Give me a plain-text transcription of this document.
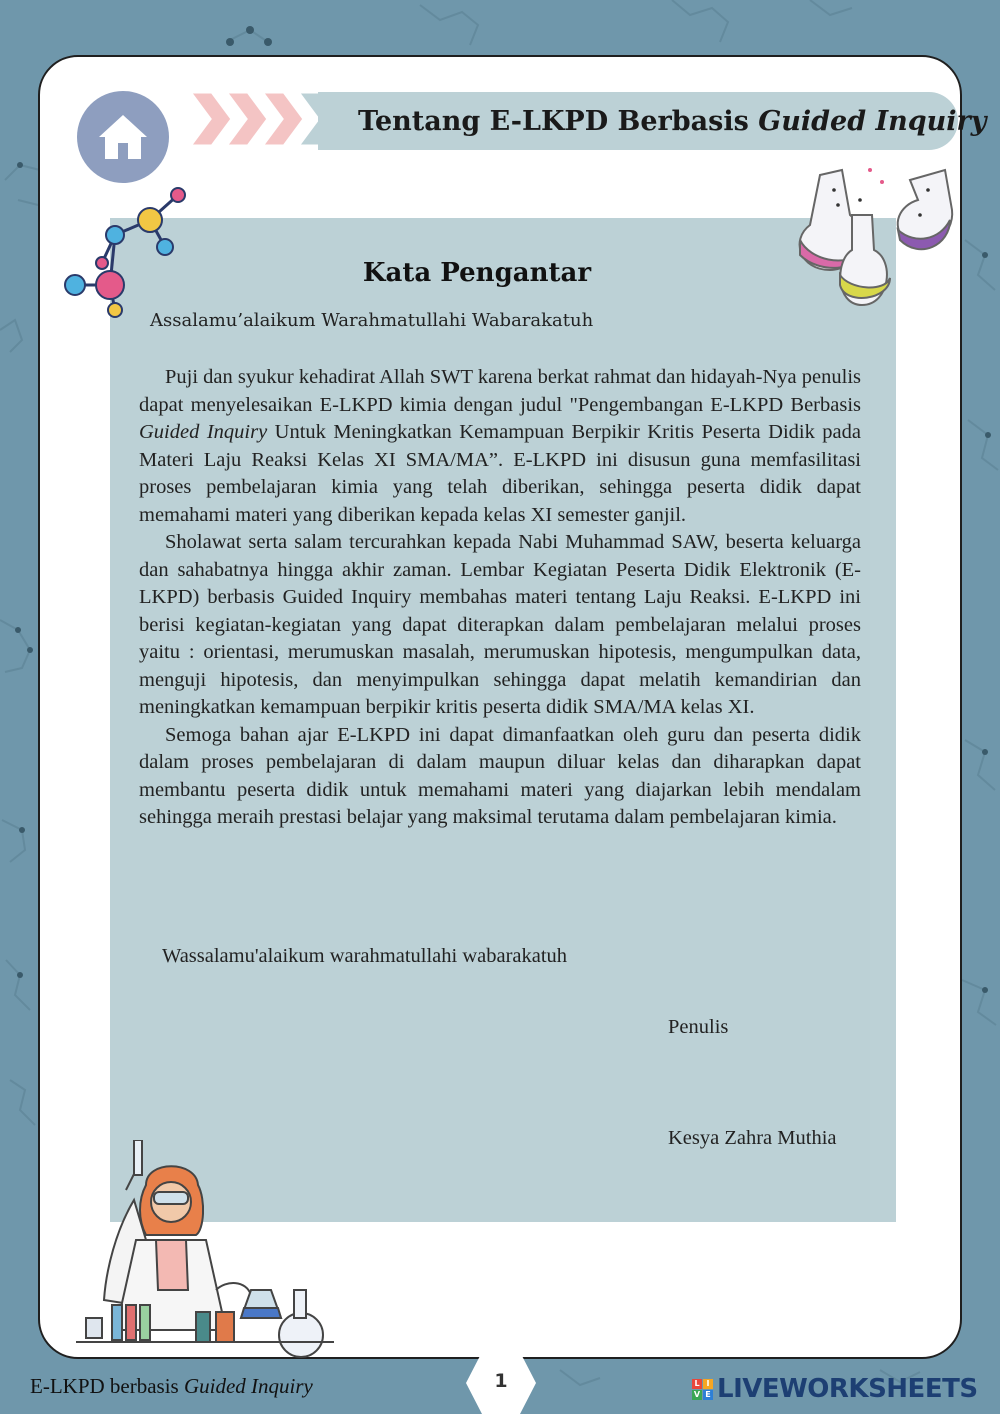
Tentang E-LKPD Berbasis Guided Inquiry
Kata Pengantar
Assalamu’alaikum Warahmatullahi Wabarakatuh

Puji dan syukur kehadirat Allah SWT karena berkat rahmat dan hidayah-Nya penulis dapat menyelesaikan E-LKPD kimia dengan judul "Pengembangan E-LKPD Berbasis Guided Inquiry Untuk Meningkatkan Kemampuan Berpikir Kritis Peserta Didik pada Materi Laju Reaksi Kelas XI SMA/MA”. E-LKPD ini disusun guna memfasilitasi proses pembelajaran kimia yang telah diberikan, sehingga peserta didik dapat memahami materi yang diberikan kepada kelas XI semester ganjil.

Sholawat serta salam tercurahkan kepada Nabi Muhammad SAW, beserta keluarga dan sahabatnya hingga akhir zaman. Lembar Kegiatan Peserta Didik Elektronik (E-LKPD) berbasis Guided Inquiry membahas materi tentang Laju Reaksi. E-LKPD ini berisi kegiatan-kegiatan yang dapat diterapkan dalam pembelajaran melalui proses yaitu : orientasi, merumuskan masalah, merumuskan hipotesis, mengumpulkan data, menguji hipotesis, dan menyimpulkan sehingga dapat melatih kemandirian dan meningkatkan kemampuan berpikir kritis peserta didik SMA/MA kelas XI.

Semoga bahan ajar E-LKPD ini dapat dimanfaatkan oleh guru dan peserta didik dalam proses pembelajaran di dalam maupun diluar kelas dan diharapkan dapat membantu peserta didik untuk memahami materi yang diajarkan lebih mendalam sehingga meraih prestasi belajar yang maksimal terutama dalam pembelajaran kimia.

Wassalamu'alaikum warahmatullahi wabarakatuh
Penulis
Kesya Zahra Muthia
E-LKPD berbasis Guided Inquiry	1	L I
V E LIVEWORKSHEETS
